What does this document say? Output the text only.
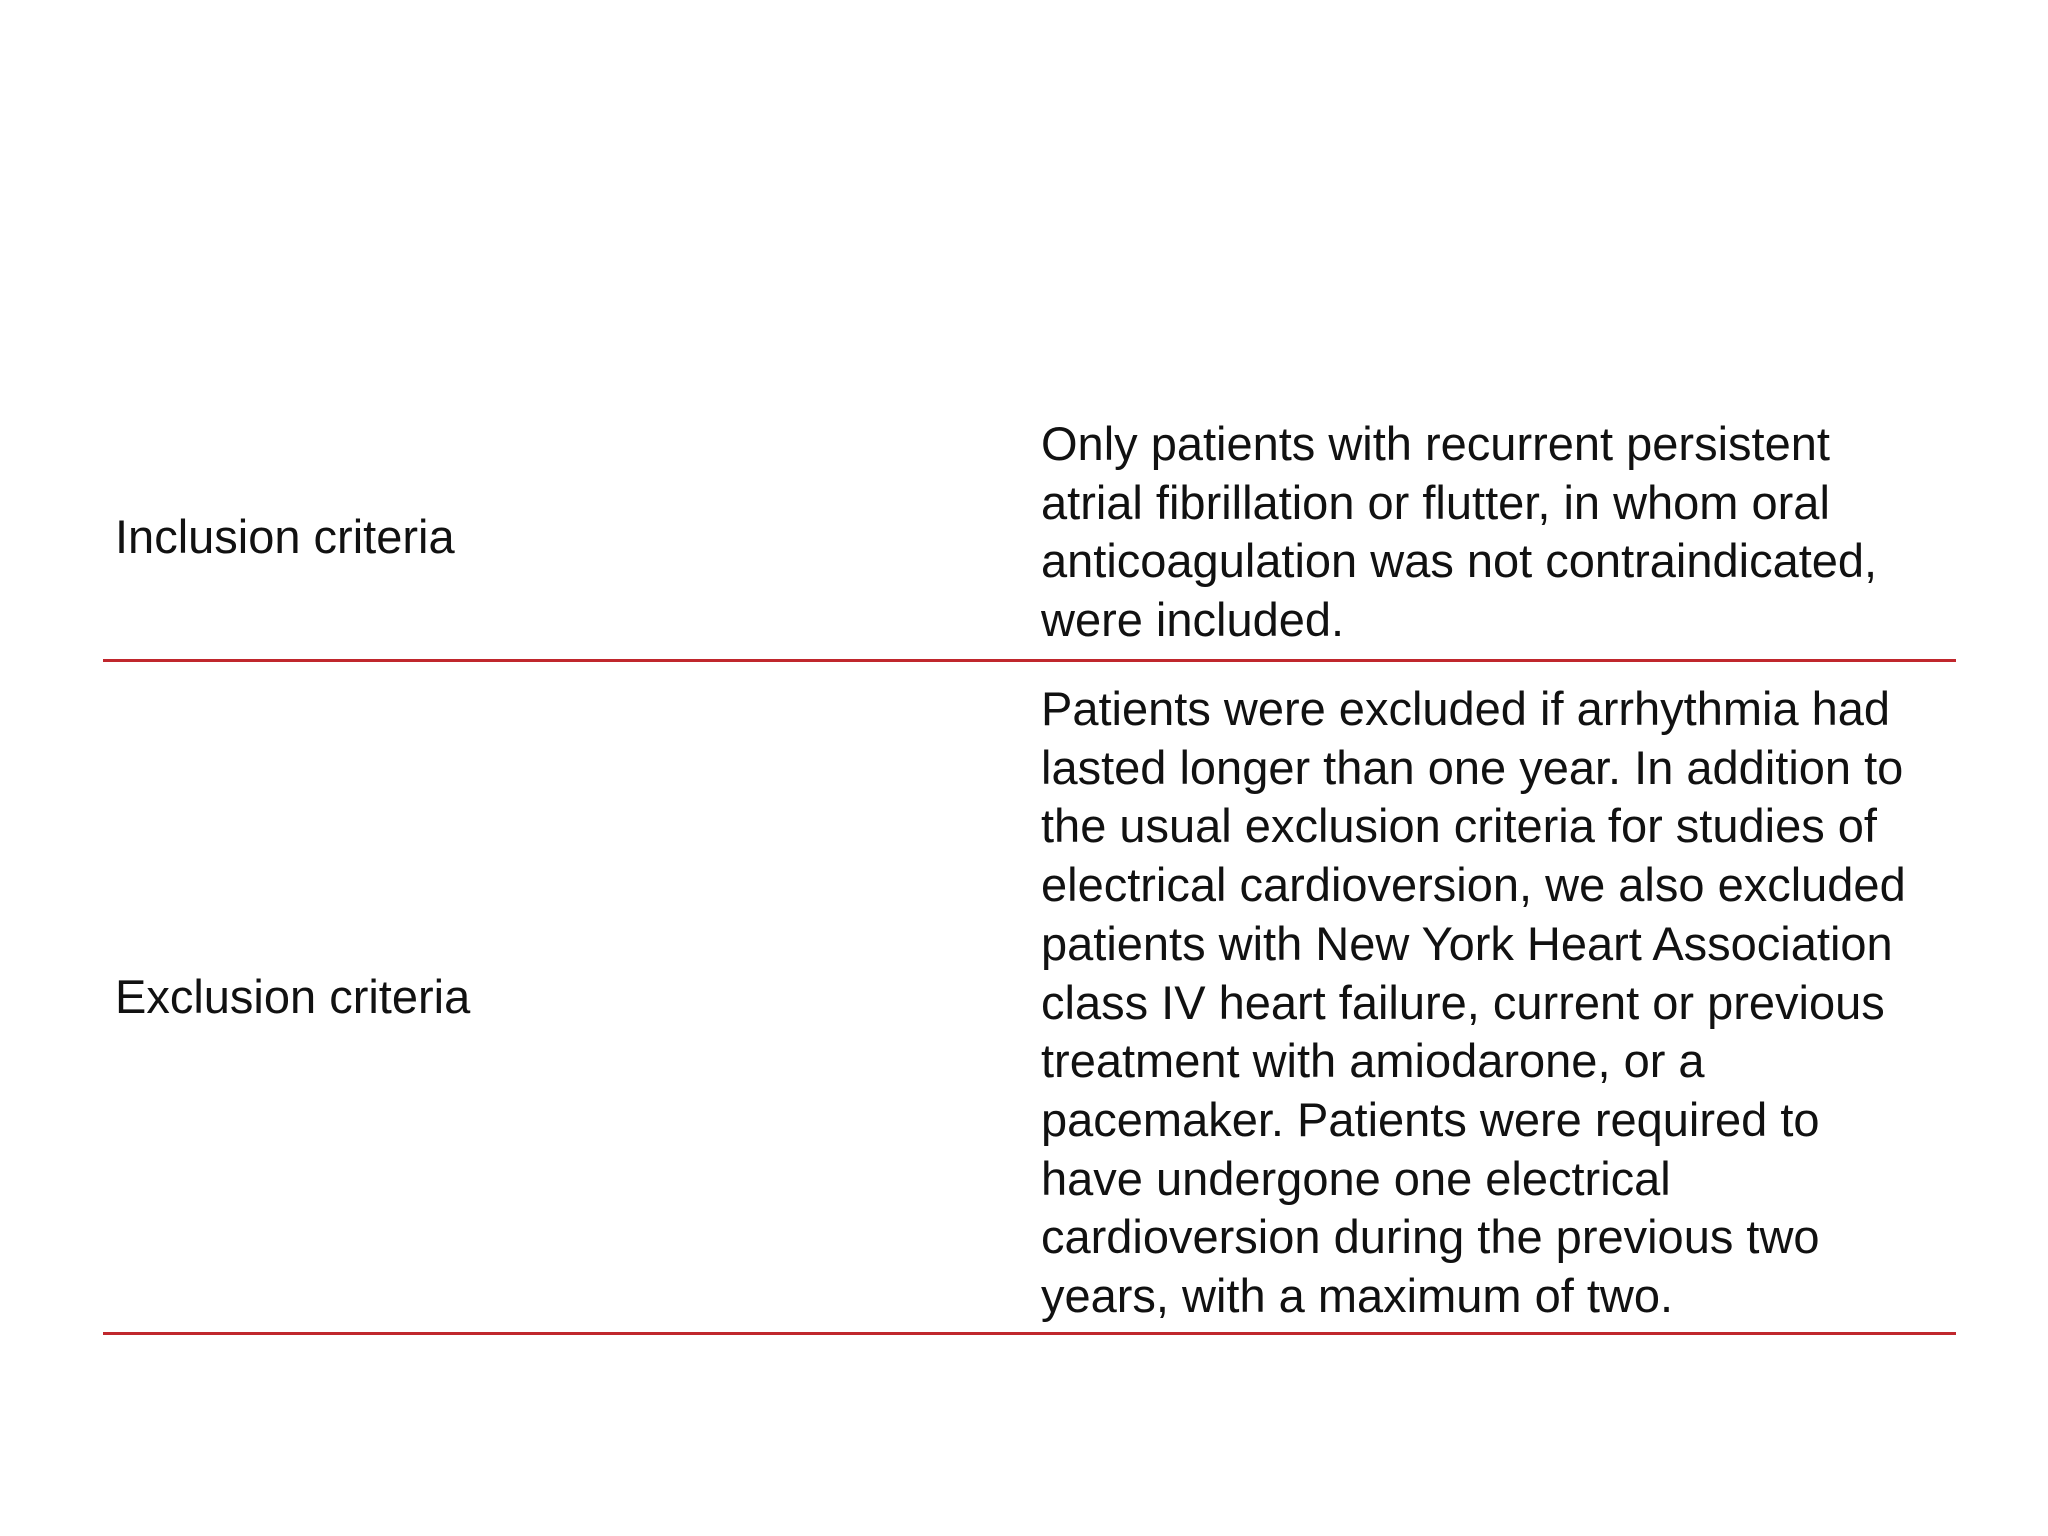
Inclusion criteria
Only patients with recurrent persistent
atrial fibrillation or flutter, in whom oral
anticoagulation was not contraindicated,
were included.
Exclusion criteria
Patients were excluded if arrhythmia had
lasted longer than one year. In addition to
the usual exclusion criteria for studies of
electrical cardioversion, we also excluded
patients with New York Heart Association
class IV heart failure, current or previous
treatment with amiodarone, or a
pacemaker. Patients were required to
have undergone one electrical
cardioversion during the previous two
years, with a maximum of two.
